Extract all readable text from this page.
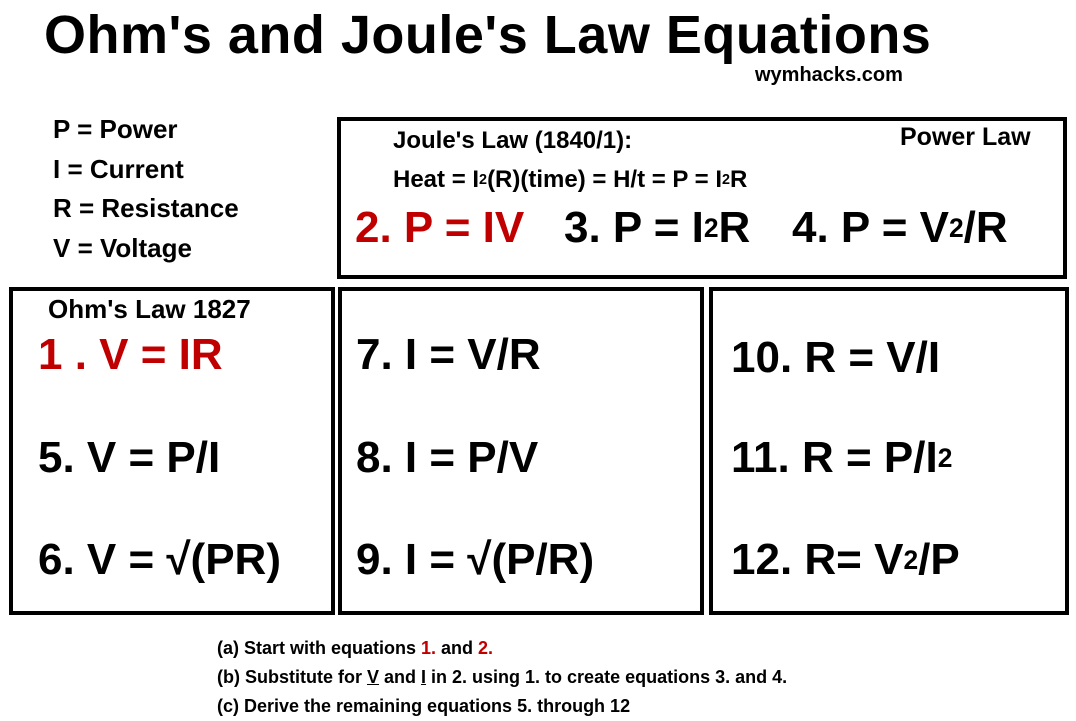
Ohm's and Joule's Law Equations
wymhacks.com
P = Power
I = Current
R = Resistance
V = Voltage
Joule's Law (1840/1):	Power Law
Heat = $I^2(R)(time) = H/t = P = I^2R$
2. P = IV 3. $P = I^2R$ 4. $P = V^2/R$
Ohm's Law 1827
1 . V = IR
5. V = P/I
6. V = √(PR)
7. I = V/R
8. I = P/V
9. I = √(P/R)
10. R = V/I
11. $R = P/I^2$
12. $R= V^2/P$
(a) Start with equations 1. and 2.
(b) Substitute for V and I in 2. using 1. to create equations 3. and 4.
(c) Derive the remaining equations 5. through 12
